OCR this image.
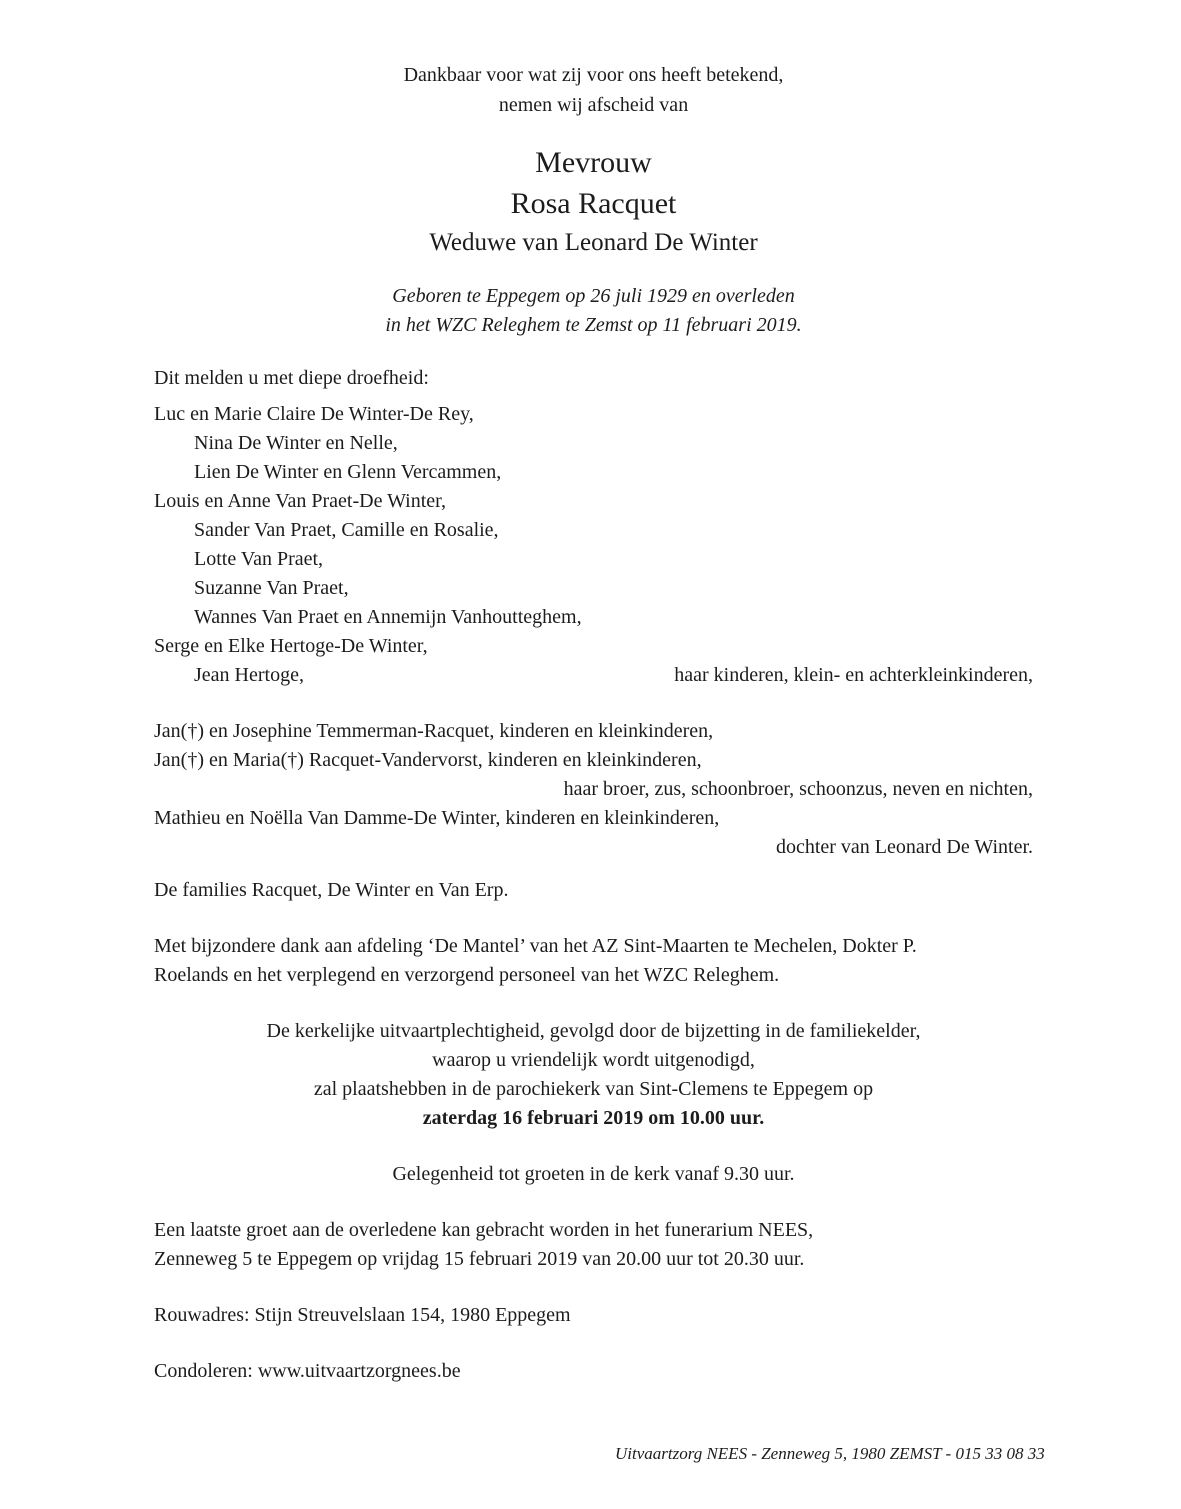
Dankbaar voor wat zij voor ons heeft betekend,
nemen wij afscheid van
Mevrouw
Rosa Racquet
Weduwe van Leonard De Winter
Geboren te Eppegem op 26 juli 1929 en overleden
in het WZC Releghem te Zemst op 11 februari 2019.
Dit melden u met diepe droefheid:
Luc en Marie Claire De Winter-De Rey,
Nina De Winter en Nelle,
Lien De Winter en Glenn Vercammen,
Louis en Anne Van Praet-De Winter,
Sander Van Praet, Camille en Rosalie,
Lotte Van Praet,
Suzanne Van Praet,
Wannes Van Praet en Annemijn Vanhoutteghem,
Serge en Elke Hertoge-De Winter,
Jean Hertoge,	haar kinderen, klein- en achterkleinkinderen,
Jan(†) en Josephine Temmerman-Racquet, kinderen en kleinkinderen,
Jan(†) en Maria(†) Racquet-Vandervorst, kinderen en kleinkinderen,
haar broer, zus, schoonbroer, schoonzus, neven en nichten,
Mathieu en Noëlla Van Damme-De Winter, kinderen en kleinkinderen,
dochter van Leonard De Winter.
De families Racquet, De Winter en Van Erp.
Met bijzondere dank aan afdeling ‘De Mantel’ van het AZ Sint-Maarten te Mechelen, Dokter P.
Roelands en het verplegend en verzorgend personeel van het WZC Releghem.
De kerkelijke uitvaartplechtigheid, gevolgd door de bijzetting in de familiekelder,
waarop u vriendelijk wordt uitgenodigd,
zal plaatshebben in de parochiekerk van Sint-Clemens te Eppegem op
zaterdag 16 februari 2019 om 10.00 uur.
Gelegenheid tot groeten in de kerk vanaf 9.30 uur.
Een laatste groet aan de overledene kan gebracht worden in het funerarium NEES,
Zenneweg 5 te Eppegem op vrijdag 15 februari 2019 van 20.00 uur tot 20.30 uur.
Rouwadres: Stijn Streuvelslaan 154, 1980 Eppegem
Condoleren: www.uitvaartzorgnees.be
Uitvaartzorg NEES - Zenneweg 5, 1980 ZEMST - 015 33 08 33
